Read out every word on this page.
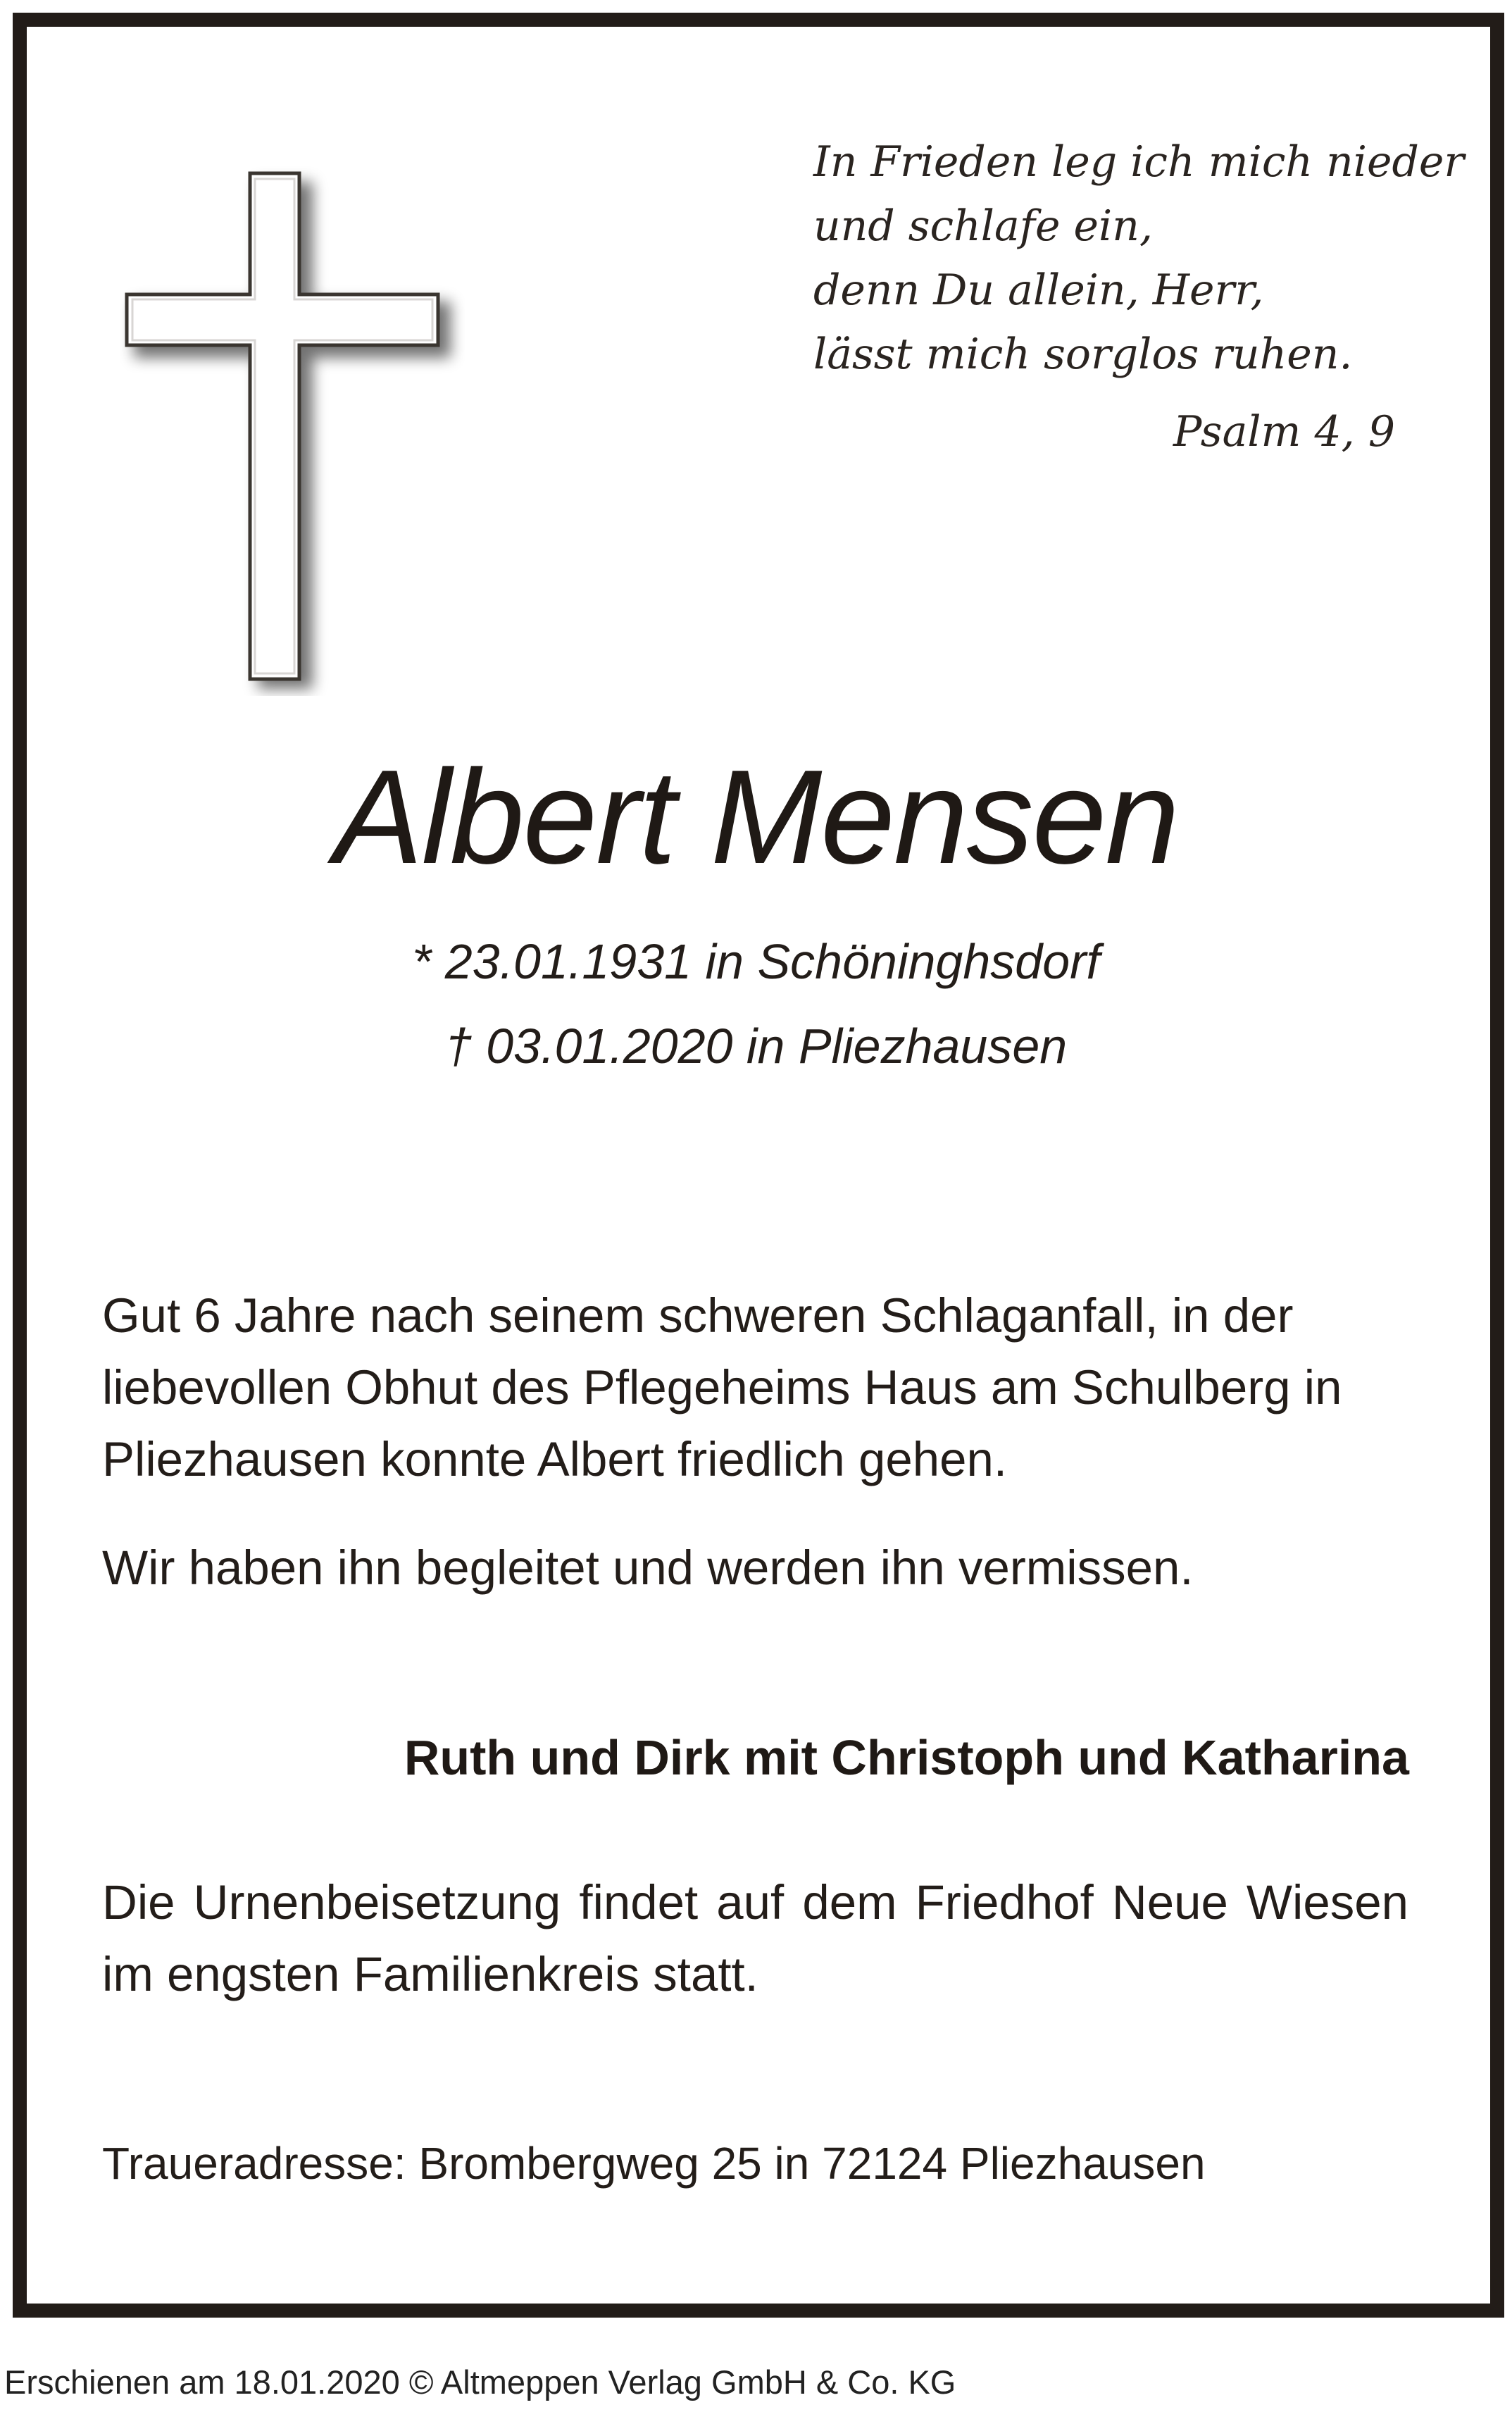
In Frieden leg ich mich nieder
und schlafe ein,
denn Du allein, Herr,
lässt mich sorglos ruhen.
Psalm 4, 9
Albert Mensen
* 23.01.1931 in Schöninghsdorf
† 03.01.2020 in Pliezhausen

Gut 6 Jahre nach seinem schweren Schlaganfall, in der liebevollen Obhut des Pflegeheims Haus am Schulberg in Pliezhausen konnte Albert friedlich gehen.

Wir haben ihn begleitet und werden ihn vermissen.

Ruth und Dirk mit Christoph und Katharina

Die Urnenbeisetzung findet auf dem Friedhof Neue Wiesen im engsten Familienkreis statt.

Traueradresse: Brombergweg 25 in 72124 Pliezhausen

Erschienen am 18.01.2020 © Altmeppen Verlag GmbH & Co. KG
